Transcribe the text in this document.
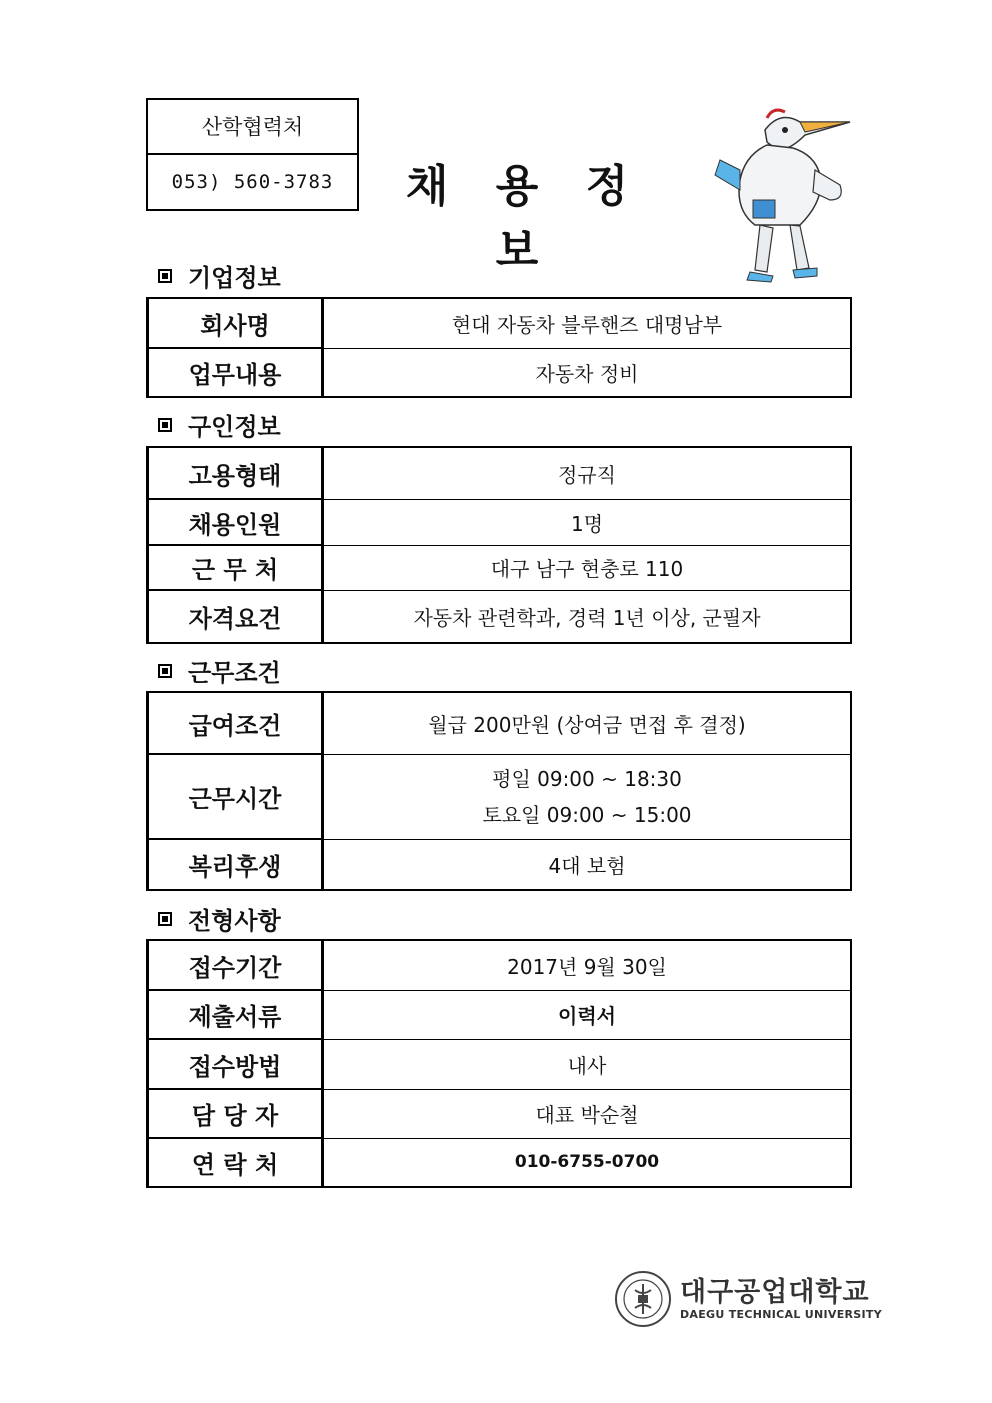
산학협력처
053) 560-3783	채 용 정 보
기업정보
회사명	현대 자동차 블루핸즈 대명남부
업무내용	자동차 정비
구인정보
고용형태	정규직
채용인원	1명
근 무 처	대구 남구 현충로 110
자격요건	자동차 관련학과, 경력 1년 이상, 군필자
근무조건
급여조건	월급 200만원 (상여금 면접 후 결정)
근무시간	평일 09:00 ~ 18:30
토요일 09:00 ~ 15:00

복리후생	4대 보험
전형사항
접수기간	2017년 9월 30일
제출서류	이력서
접수방법	내사
담 당 자	대표 박순철
연 락 처	010-6755-0700
대구공업대학교
DAEGU TECHNICAL UNIVERSITY
